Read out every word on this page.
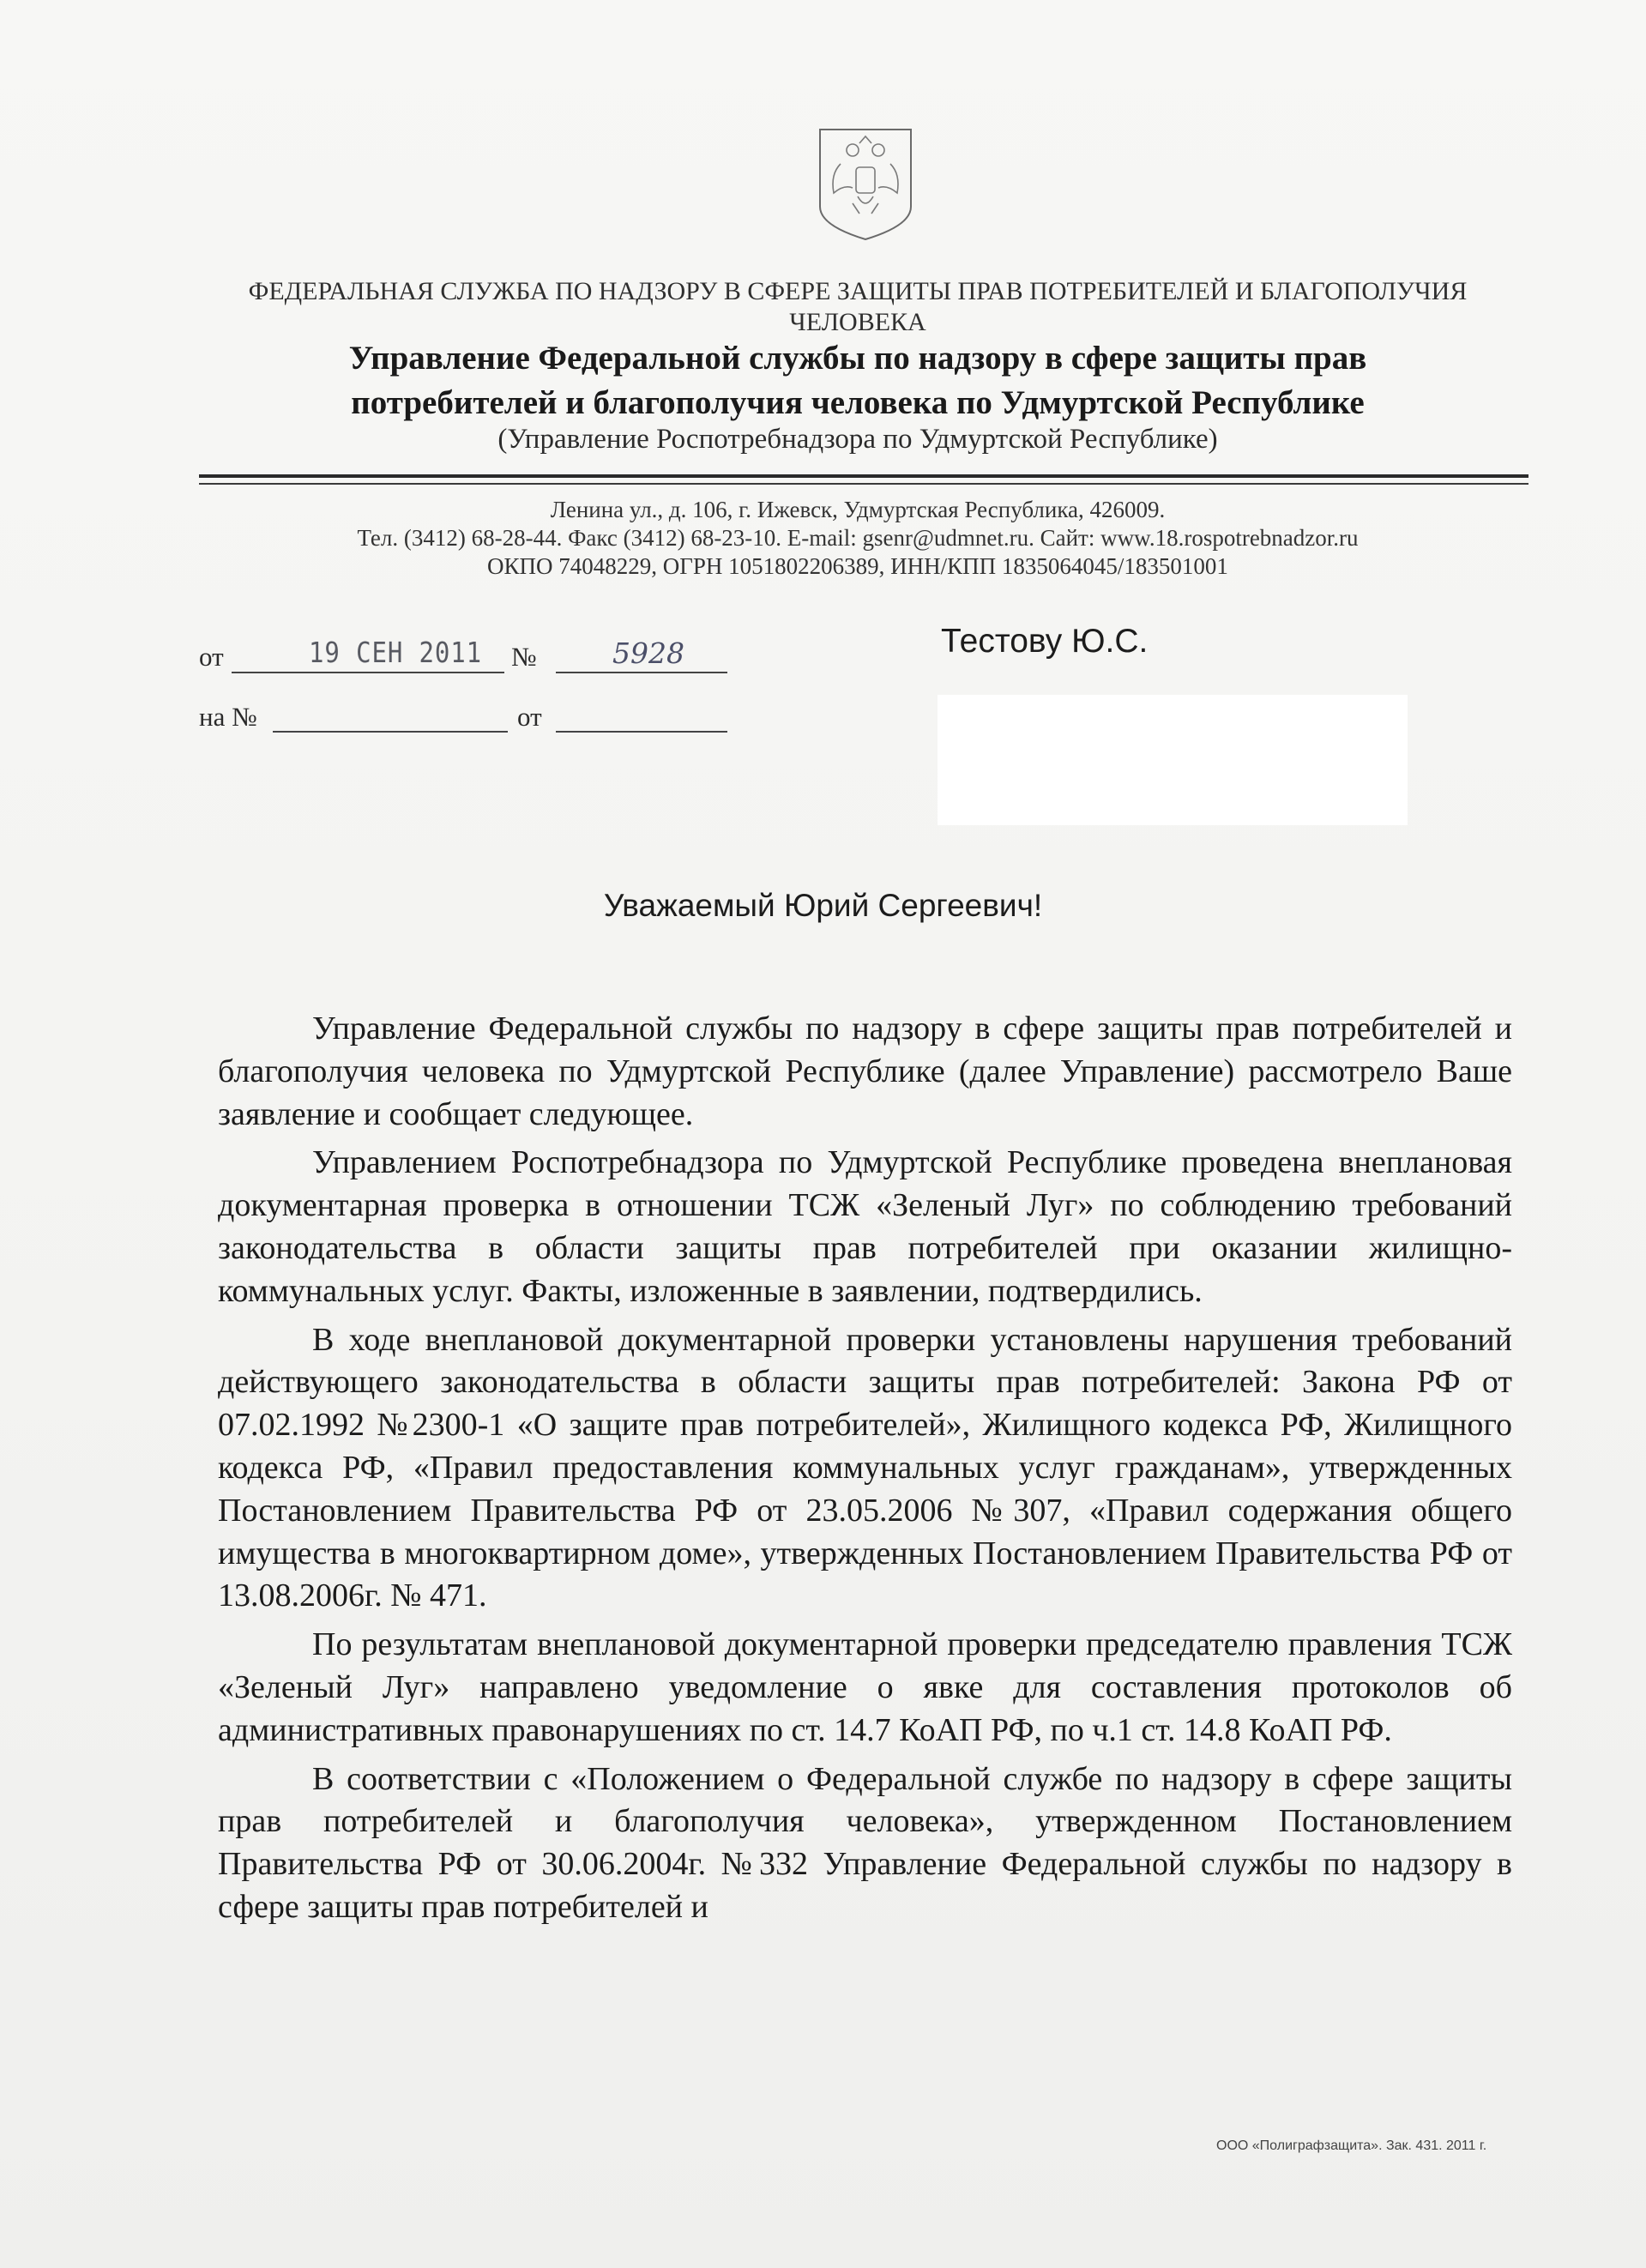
ФЕДЕРАЛЬНАЯ СЛУЖБА ПО НАДЗОРУ В СФЕРЕ ЗАЩИТЫ ПРАВ ПОТРЕБИТЕЛЕЙ И БЛАГОПОЛУЧИЯ ЧЕЛОВЕКА
Управление Федеральной службы по надзору в сфере защиты прав
потребителей и благополучия человека по Удмуртской Республике
(Управление Роспотребнадзора по Удмуртской Республике)
Ленина ул., д. 106, г. Ижевск, Удмуртская Республика, 426009.
Тел. (3412) 68-28-44. Факс (3412) 68-23-10. E-mail: gsenr@udmnet.ru. Сайт: www.18.rospotrebnadzor.ru
ОКПО 74048229, ОГРН 1051802206389, ИНН/КПП 1835064045/183501001
от	19 СЕН 2011 №	5928
на №	от
Тестову Ю.С.
Уважаемый Юрий Сергеевич!

Управление Федеральной службы по надзору в сфере защиты прав потребителей и благополучия человека по Удмуртской Республике (далее Управление) рассмотрело Ваше заявление и сообщает следующее.

Управлением Роспотребнадзора по Удмуртской Республике проведена внеплановая документарная проверка в отношении ТСЖ «Зеленый Луг» по соблюдению требований законодательства в области защиты прав потребителей при оказании жилищно-коммунальных услуг. Факты, изложенные в заявлении, подтвердились.

В ходе внеплановой документарной проверки установлены нарушения требований действующего законодательства в области защиты прав потребителей: Закона РФ от 07.02.1992 №2300-1 «О защите прав потребителей», Жилищного кодекса РФ, Жилищного кодекса РФ, «Правил предоставления коммунальных услуг гражданам», утвержденных Постановлением Правительства РФ от 23.05.2006 №307, «Правил содержания общего имущества в многоквартирном доме», утвержденных Постановлением Правительства РФ от 13.08.2006г. № 471.

По результатам внеплановой документарной проверки председателю правления ТСЖ «Зеленый Луг» направлено уведомление о явке для составления протоколов об административных правонарушениях по ст. 14.7 КоАП РФ, по ч.1 ст. 14.8 КоАП РФ.

В соответствии с «Положением о Федеральной службе по надзору в сфере защиты прав потребителей и благополучия человека», утвержденном Постановлением Правительства РФ от 30.06.2004г. №332 Управление Федеральной службы по надзору в сфере защиты прав потребителей и

ООО «Полиграфзащита». Зак. 431. 2011 г.
